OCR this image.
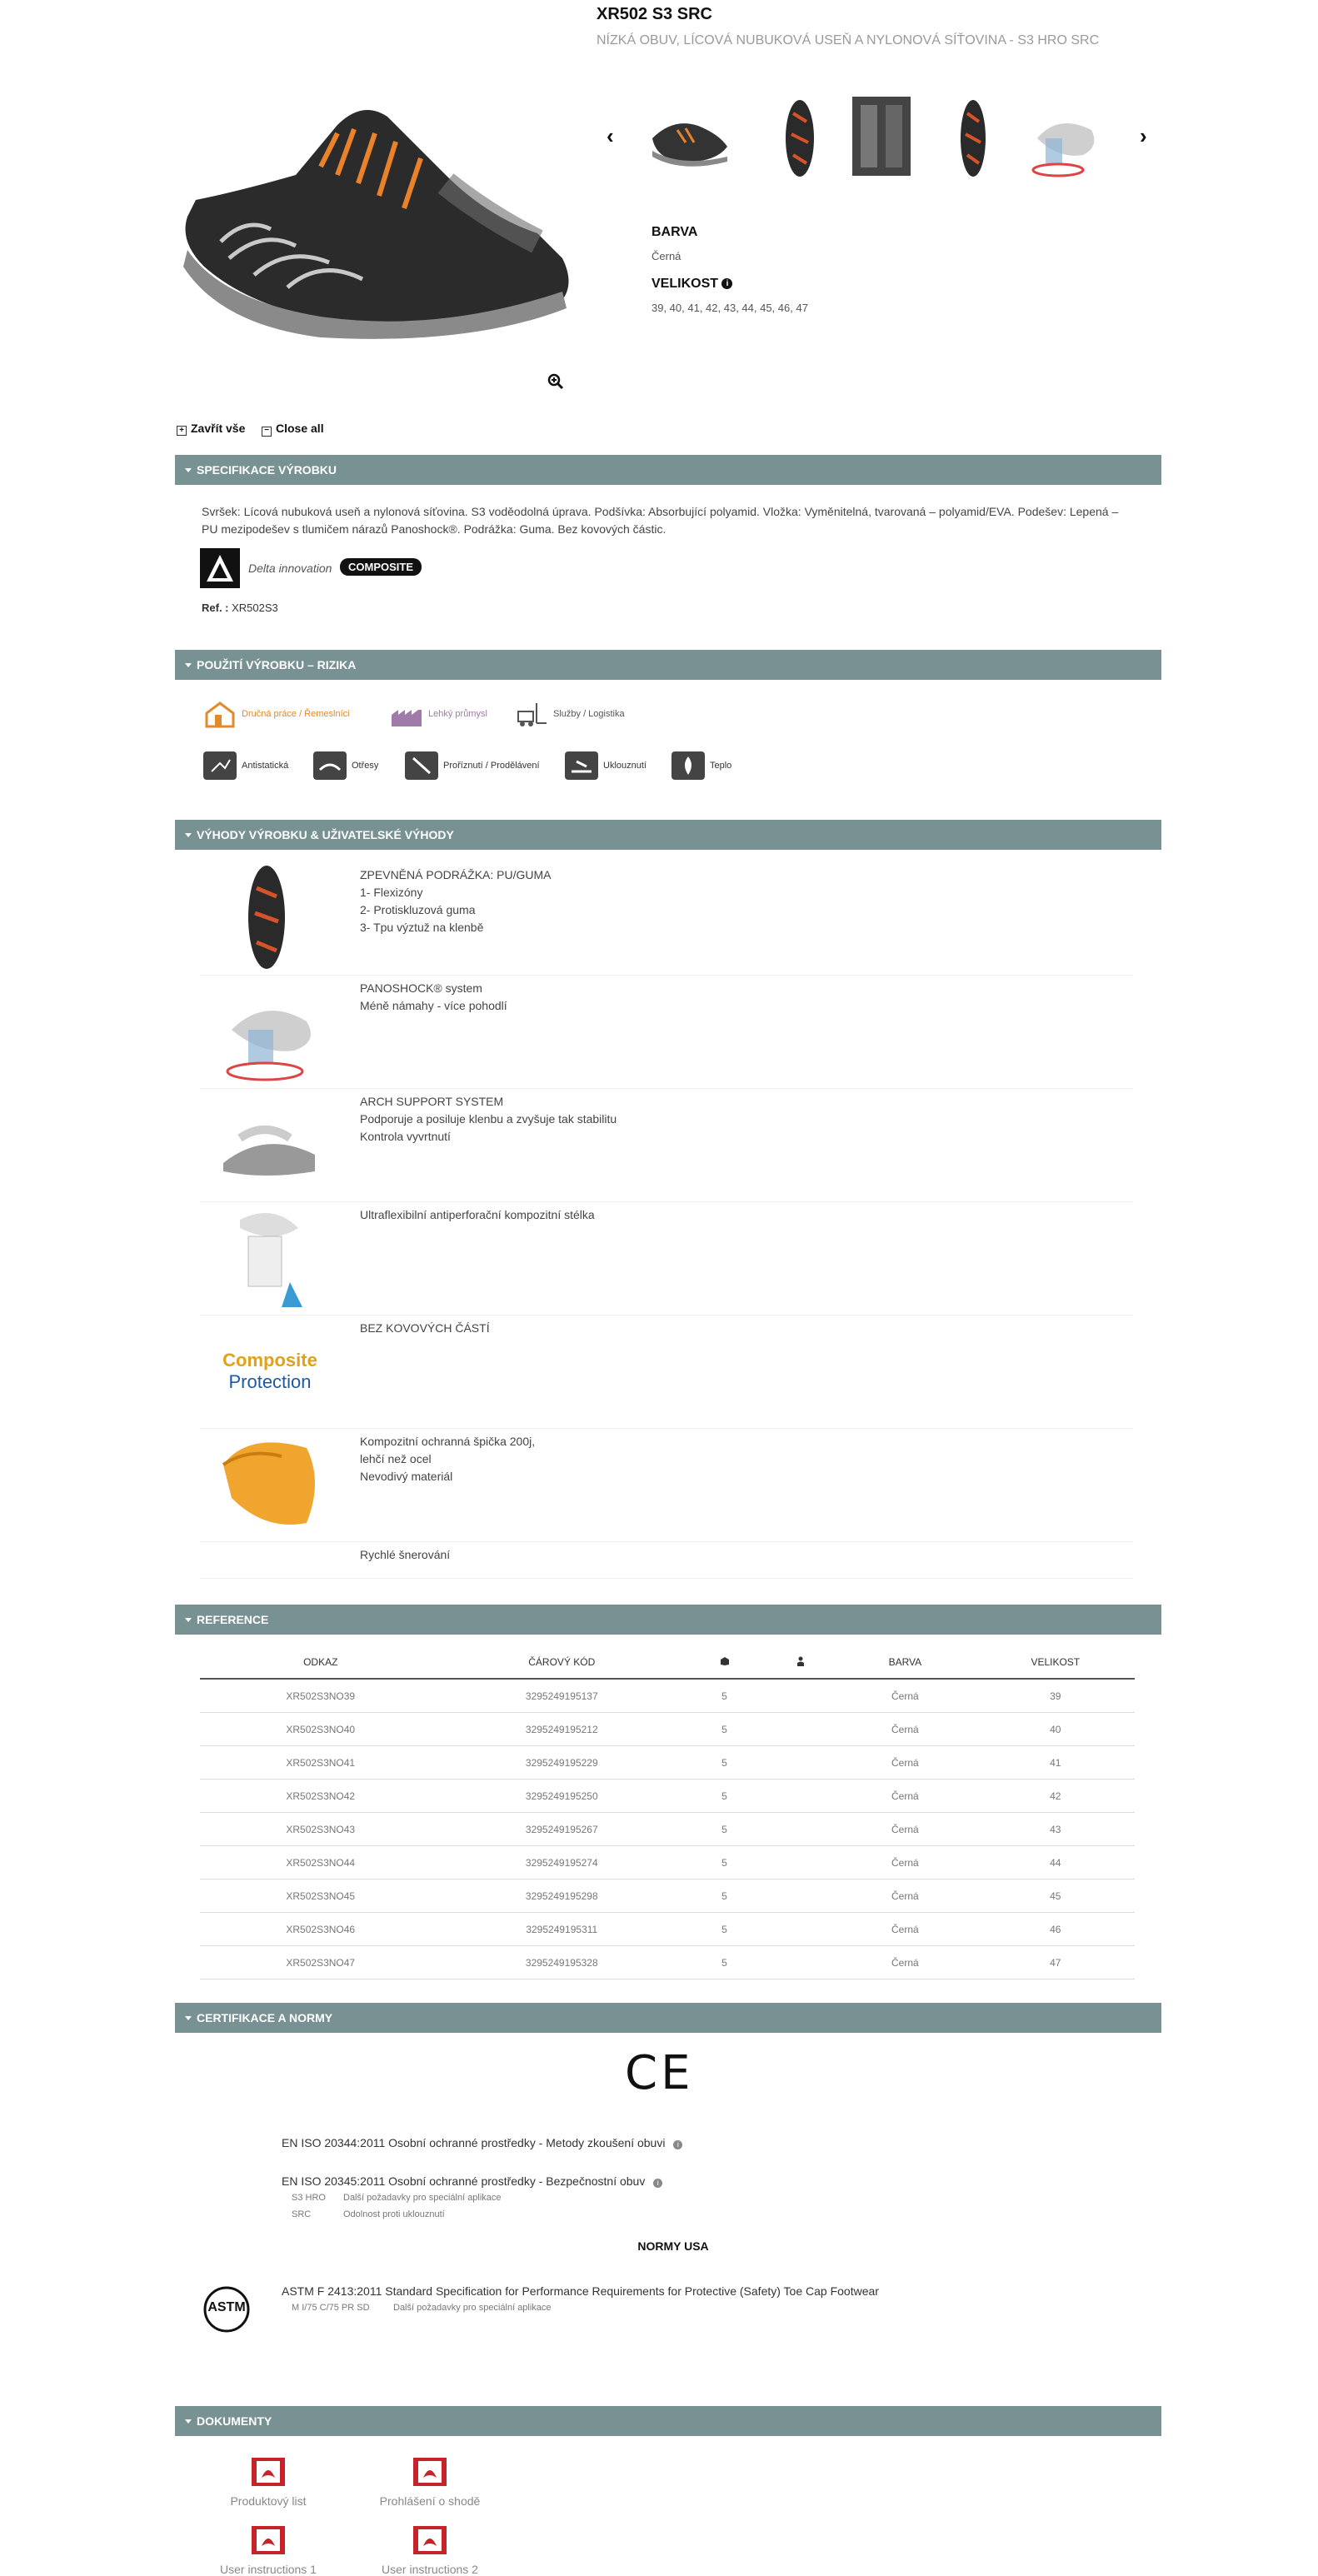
XR502 S3 SRC
NÍZKÁ OBUV, LÍCOVÁ NUBUKOVÁ USEŇ A NYLONOVÁ SÍŤOVINA - S3 HRO SRC
‹	›
BARVA
Černá
VELIKOST i
39, 40, 41, 42, 43, 44, 45, 46, 47
+ Zavřít vše	− Close all
SPECIFIKACE VÝROBKU
Svršek: Lícová nubuková useň a nylonová síťovina. S3 voděodolná úprava. Podšívka: Absorbující polyamid. Vložka: Vyměnitelná, tvarovaná – polyamid/EVA. Podešev: Lepená – PU mezipodešev s tlumičem nárazů Panoshock®. Podrážka: Guma. Bez kovových částic.
Delta innovation	COMPOSITE
Ref. : XR502S3
POUŽITÍ VÝROBKU – RIZIKA
Dručná práce / Řemeslníci	Lehký průmysl	Služby / Logistika
Antistatická	Otřesy	Proříznutí / Prodělávení	Uklouznutí	Teplo
VÝHODY VÝROBKU & UŽIVATELSKÉ VÝHODY
ZPEVNĚNÁ PODRÁŽKA: PU/GUMA
1- Flexizóny
2- Protiskluzová guma
3- Tpu výztuž na klenbě
PANOSHOCK® system
Méně námahy - více pohodlí
ARCH SUPPORT SYSTEM
Podporuje a posiluje klenbu a zvyšuje tak stabilitu
Kontrola vyvrtnutí
Ultraflexibilní antiperforační kompozitní stélka
Composite
Protection
BEZ KOVOVÝCH ČÁSTÍ
Kompozitní ochranná špička 200j,
lehčí než ocel
Nevodivý materiál
Rychlé šnerování
REFERENCE
ODKAZ	ČÁROVÝ KÓD			BARVA	VELIKOST
XR502S3NO39	3295249195137	5		Černá	39
XR502S3NO40	3295249195212	5		Černá	40
XR502S3NO41	3295249195229	5		Černá	41
XR502S3NO42	3295249195250	5		Černá	42
XR502S3NO43	3295249195267	5		Černá	43
XR502S3NO44	3295249195274	5		Černá	44
XR502S3NO45	3295249195298	5		Černá	45
XR502S3NO46	3295249195311	5		Černá	46
XR502S3NO47	3295249195328	5		Černá	47
CERTIFIKACE A NORMY
CE
EN ISO 20344:2011 Osobní ochranné prostředky - Metody zkoušení obuvi i
EN ISO 20345:2011 Osobní ochranné prostředky - Bezpečnostní obuv i
S3 HRO Další požadavky pro speciální aplikace
SRC	Odolnost proti uklouznutí
NORMY USA
ASTM
ASTM F 2413:2011 Standard Specification for Performance Requirements for Protective (Safety) Toe Cap Footwear
M I/75 C/75 PR SD	Další požadavky pro speciální aplikace
DOKUMENTY
Produktový list	Prohlášení o shodě
User instructions 1	User instructions 2
